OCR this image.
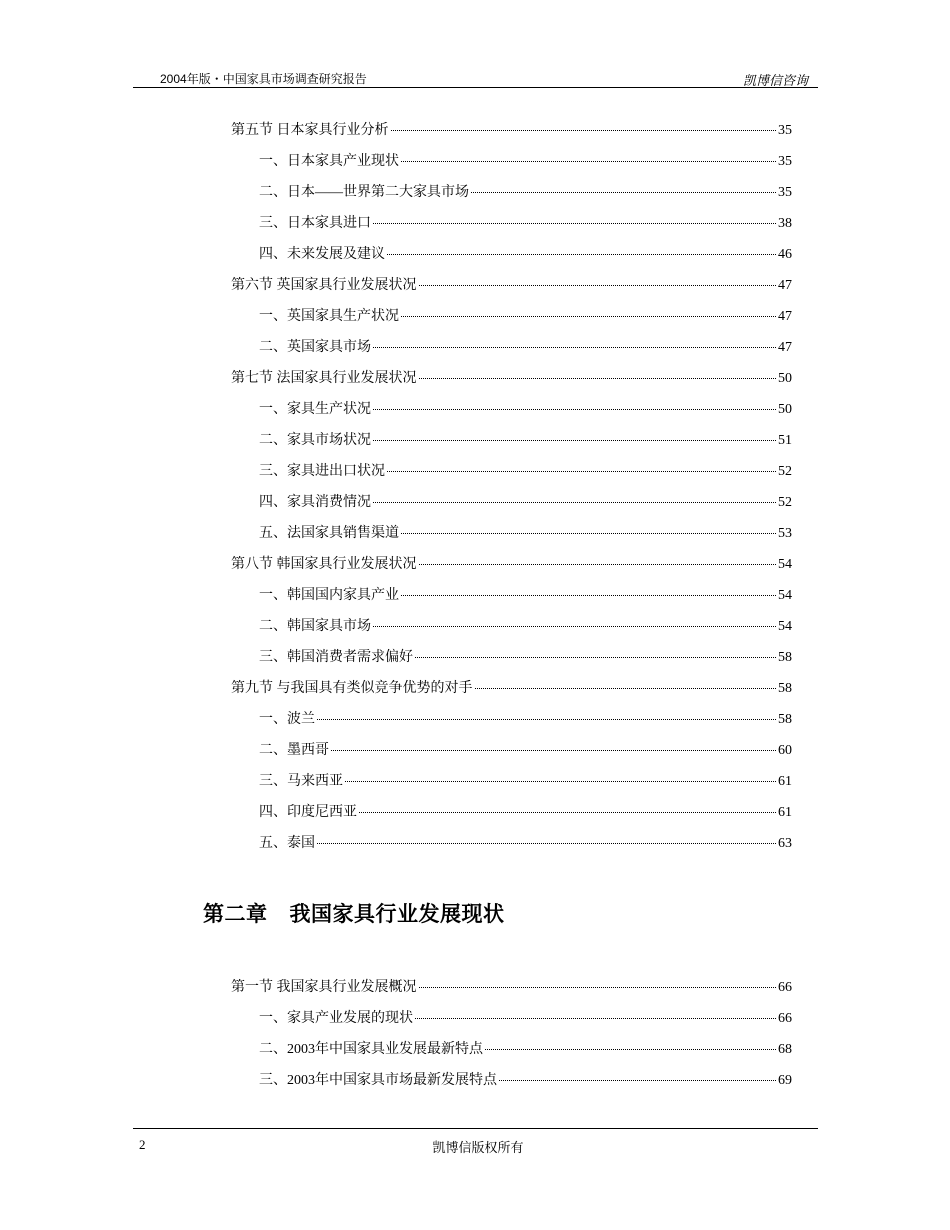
2004年版・中国家具市场调查研究报告	凯博信咨询
第五节 日本家具行业分析	35
一、日本家具产业现状	35
二、日本——世界第二大家具市场	35
三、日本家具进口	38
四、未来发展及建议	46
第六节 英国家具行业发展状况	47
一、英国家具生产状况	47
二、英国家具市场	47
第七节 法国家具行业发展状况	50
一、家具生产状况	50
二、家具市场状况	51
三、家具进出口状况	52
四、家具消费情况	52
五、法国家具销售渠道	53
第八节 韩国家具行业发展状况	54
一、韩国国内家具产业	54
二、韩国家具市场	54
三、韩国消费者需求偏好	58
第九节 与我国具有类似竞争优势的对手	58
一、波兰	58
二、墨西哥	60
三、马来西亚	61
四、印度尼西亚	61
五、泰国	63
第二章 我国家具行业发展现状
第一节 我国家具行业发展概况	66
一、家具产业发展的现状	66
二、2003年中国家具业发展最新特点	68
三、2003年中国家具市场最新发展特点	69
2	凯博信版权所有
